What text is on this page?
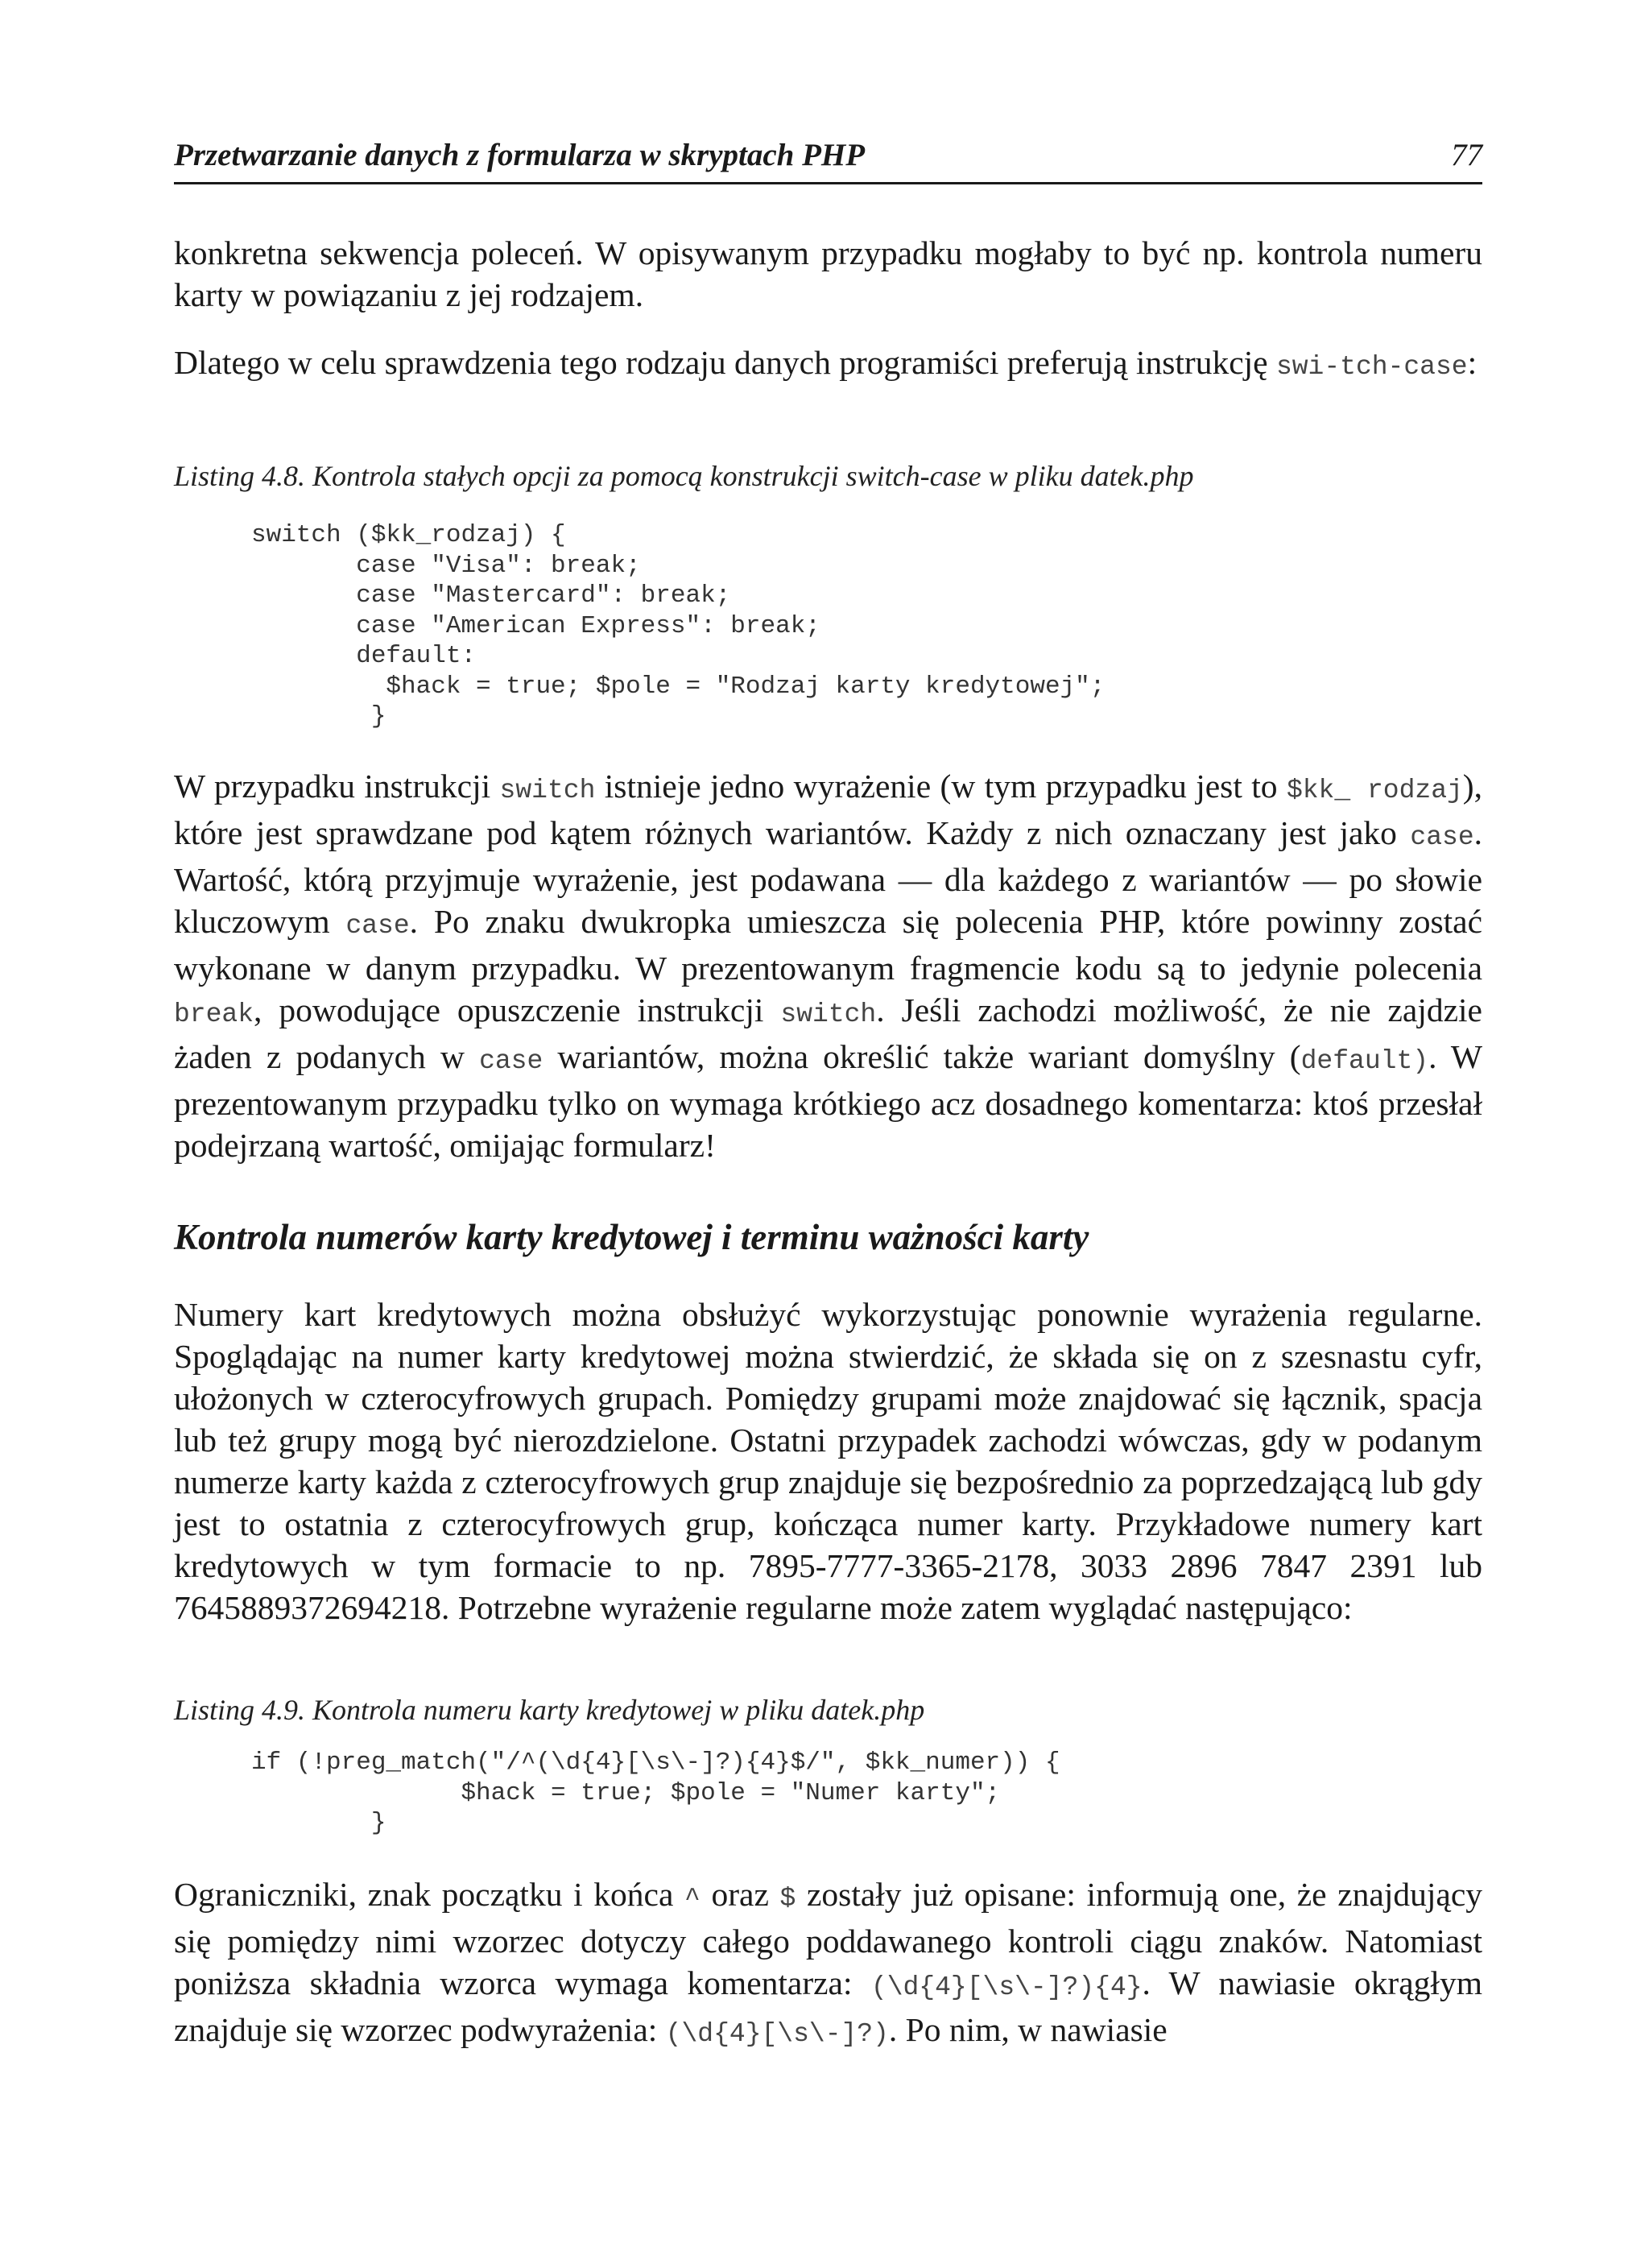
Przetwarzanie danych z formularza w skryptach PHP	77

konkretna sekwencja poleceń. W opisywanym przypadku mogłaby to być np. kontrola numeru karty w powiązaniu z jej rodzajem.

Dlatego w celu sprawdzenia tego rodzaju danych programiści preferują instrukcję swi-tch-case:

Listing 4.8. Kontrola stałych opcji za pomocą konstrukcji switch-case w pliku datek.php
switch ($kk_rodzaj) {
case "Visa": break;
case "Mastercard": break;
case "American Express": break;
default:
$hack = true; $pole = "Rodzaj karty kredytowej";
}

W przypadku instrukcji switch istnieje jedno wyrażenie (w tym przypadku jest to $kk_ rodzaj), które jest sprawdzane pod kątem różnych wariantów. Każdy z nich oznaczany jest jako case. Wartość, którą przyjmuje wyrażenie, jest podawana — dla każdego z wariantów — po słowie kluczowym case. Po znaku dwukropka umieszcza się polecenia PHP, które powinny zostać wykonane w danym przypadku. W prezentowanym fragmencie kodu są to jedynie polecenia break, powodujące opuszczenie instrukcji switch. Jeśli zachodzi możliwość, że nie zajdzie żaden z podanych w case wariantów, można określić także wariant domyślny (default). W prezentowanym przypadku tylko on wymaga krótkiego acz dosadnego komentarza: ktoś przesłał podejrzaną wartość, omijając formularz!

Kontrola numerów karty kredytowej i terminu ważności karty

Numery kart kredytowych można obsłużyć wykorzystując ponownie wyrażenia regularne. Spoglądając na numer karty kredytowej można stwierdzić, że składa się on z szesnastu cyfr, ułożonych w czterocyfrowych grupach. Pomiędzy grupami może znajdować się łącznik, spacja lub też grupy mogą być nierozdzielone. Ostatni przypadek zachodzi wówczas, gdy w podanym numerze karty każda z czterocyfrowych grup znajduje się bezpośrednio za poprzedzającą lub gdy jest to ostatnia z czterocyfrowych grup, kończąca numer karty. Przykładowe numery kart kredytowych w tym formacie to np. 7895-7777-3365-2178, 3033 2896 7847 2391 lub 7645889372694218. Potrzebne wyrażenie regularne może zatem wyglądać następująco:

Listing 4.9. Kontrola numeru karty kredytowej w pliku datek.php
if (!preg_match("/^(\d{4}[\s\-]?){4}$/", $kk_numer)) {
$hack = true; $pole = "Numer karty";
}

Ograniczniki, znak początku i końca ^ oraz $ zostały już opisane: informują one, że znajdujący się pomiędzy nimi wzorzec dotyczy całego poddawanego kontroli ciągu znaków. Natomiast poniższa składnia wzorca wymaga komentarza: (\d{4}[\s\-]?){4}. W nawiasie okrągłym znajduje się wzorzec podwyrażenia: (\d{4}[\s\-]?). Po nim, w nawiasie
